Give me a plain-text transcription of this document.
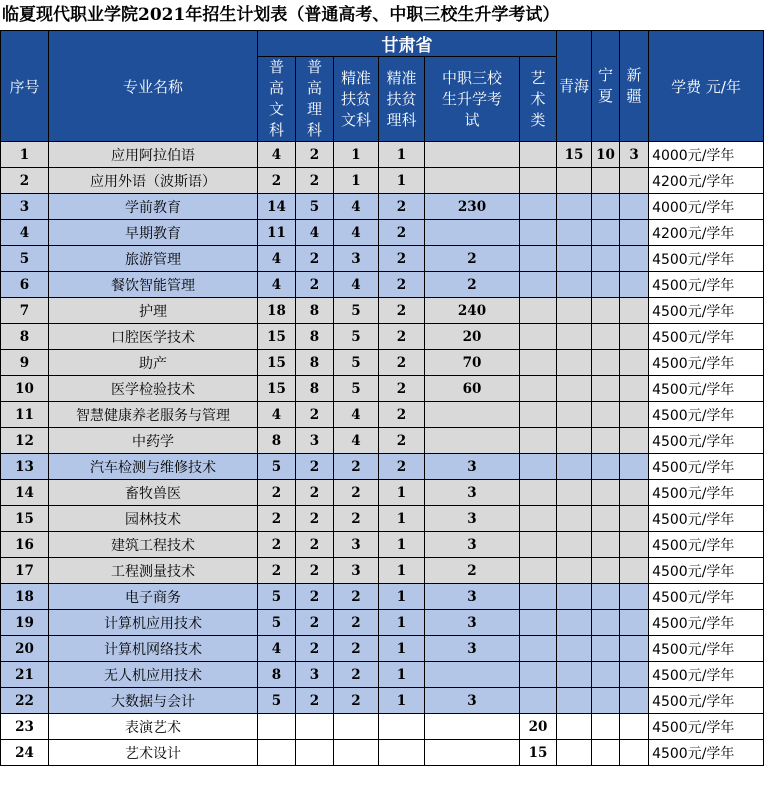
临夏现代职业学院2021年招生计划表（普通高考、中职三校生升学考试）
序号	专业名称	甘肃省						青海	宁夏	新疆	学费 元/年

		普高文科	普高理科	精准扶贫文科	精准扶贫理科	中职三校生升学考试	艺术类				

1	应用阿拉伯语	4	2	1	1			15	10	3	4000元/学年
2	应用外语（波斯语）	2	2	1	1						4200元/学年
3	学前教育	14	5	4	2	230					4000元/学年
4	早期教育	11	4	4	2						4200元/学年
5	旅游管理	4	2	3	2	2					4500元/学年
6	餐饮智能管理	4	2	4	2	2					4500元/学年
7	护理	18	8	5	2	240					4500元/学年
8	口腔医学技术	15	8	5	2	20					4500元/学年
9	助产	15	8	5	2	70					4500元/学年
10	医学检验技术	15	8	5	2	60					4500元/学年
11	智慧健康养老服务与管理	4	2	4	2						4500元/学年
12	中药学	8	3	4	2						4500元/学年
13	汽车检测与维修技术	5	2	2	2	3					4500元/学年
14	畜牧兽医	2	2	2	1	3					4500元/学年
15	园林技术	2	2	2	1	3					4500元/学年
16	建筑工程技术	2	2	3	1	3					4500元/学年
17	工程测量技术	2	2	3	1	2					4500元/学年
18	电子商务	5	2	2	1	3					4500元/学年
19	计算机应用技术	5	2	2	1	3					4500元/学年
20	计算机网络技术	4	2	2	1	3					4500元/学年
21	无人机应用技术	8	3	2	1						4500元/学年
22	大数据与会计	5	2	2	1	3					4500元/学年
23	表演艺术						20				4500元/学年
24	艺术设计						15				4500元/学年
